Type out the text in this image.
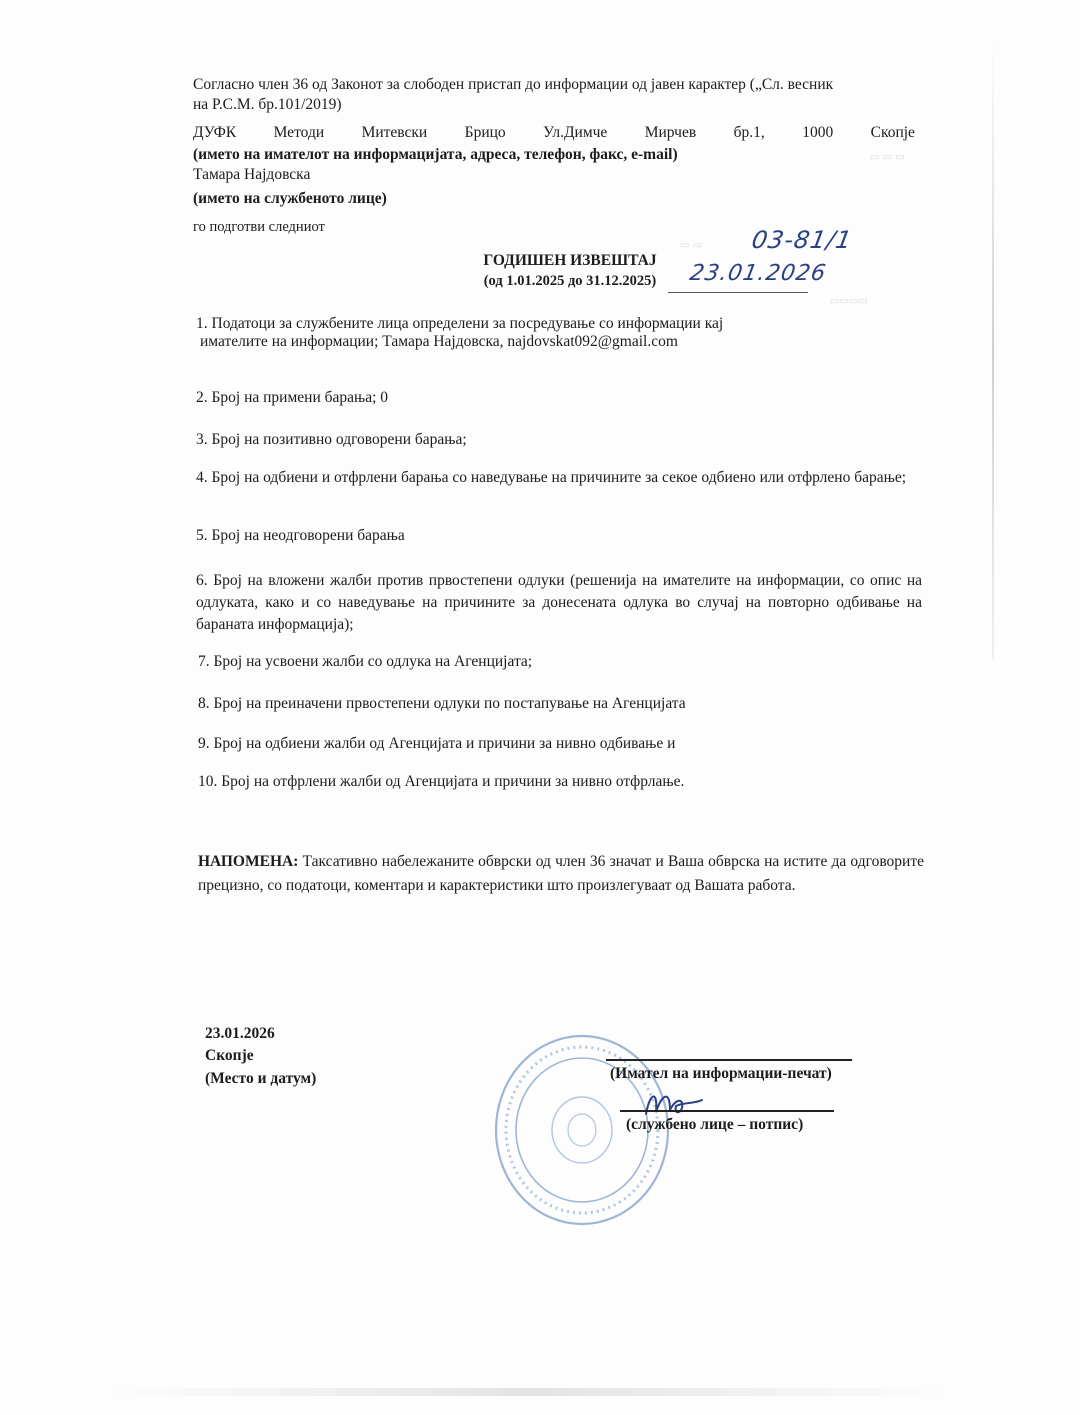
Согласно член 36 од Законот за слободен пристап до информации од јавен карактер („Сл. весник
на Р.С.М. бр.101/2019)
ДУФК Методи Митевски Брицо Ул.Димче Мирчев бр.1, 1000 Скопје
(името на имателот на информацијата, адреса, телефон, факс, e-mail)
Тамара Најдовска
(името на службеното лице)
го подготви следниот
▭ ▭ ▭
▭ ▭
▭▭▭▭
ГОДИШЕН ИЗВЕШТАЈ
(од 1.01.2025 до 31.12.2025)
03-81/1
23.01.2026
1. Податоци за службените лица определени за посредување со информации кај
имателите на информации; Тамара Најдовска, najdovskat092@gmail.com
2. Број на примени барања; 0
3. Број на позитивно одговорени барања;
4. Број на одбиени и отфрлени барања со наведување на причините за секое одбиено или отфрлено барање;
5. Број на неодговорени барања
6. Број на вложени жалби против првостепени одлуки (решенија на имателите на информации, со опис на одлуката, како и со наведување на причините за донесената одлука во случај на повторно одбивање на бараната информација);
7. Број на усвоени жалби со одлука на Агенцијата;
8. Број на преиначени првостепени одлуки по постапување на Агенцијата
9. Број на одбиени жалби од Агенцијата и причини за нивно одбивање и
10. Број на отфрлени жалби од Агенцијата и причини за нивно отфрлање.
НАПОМЕНА: Таксативно набележаните обврски од член 36 значат и Ваша обврска на истите да одговорите прецизно, со податоци, коментари и карактеристики што произлегуваат од Вашата работа.
23.01.2026
Скопје
(Место и датум)	(Имател на информации-печат)
(службено лице – потпис)
